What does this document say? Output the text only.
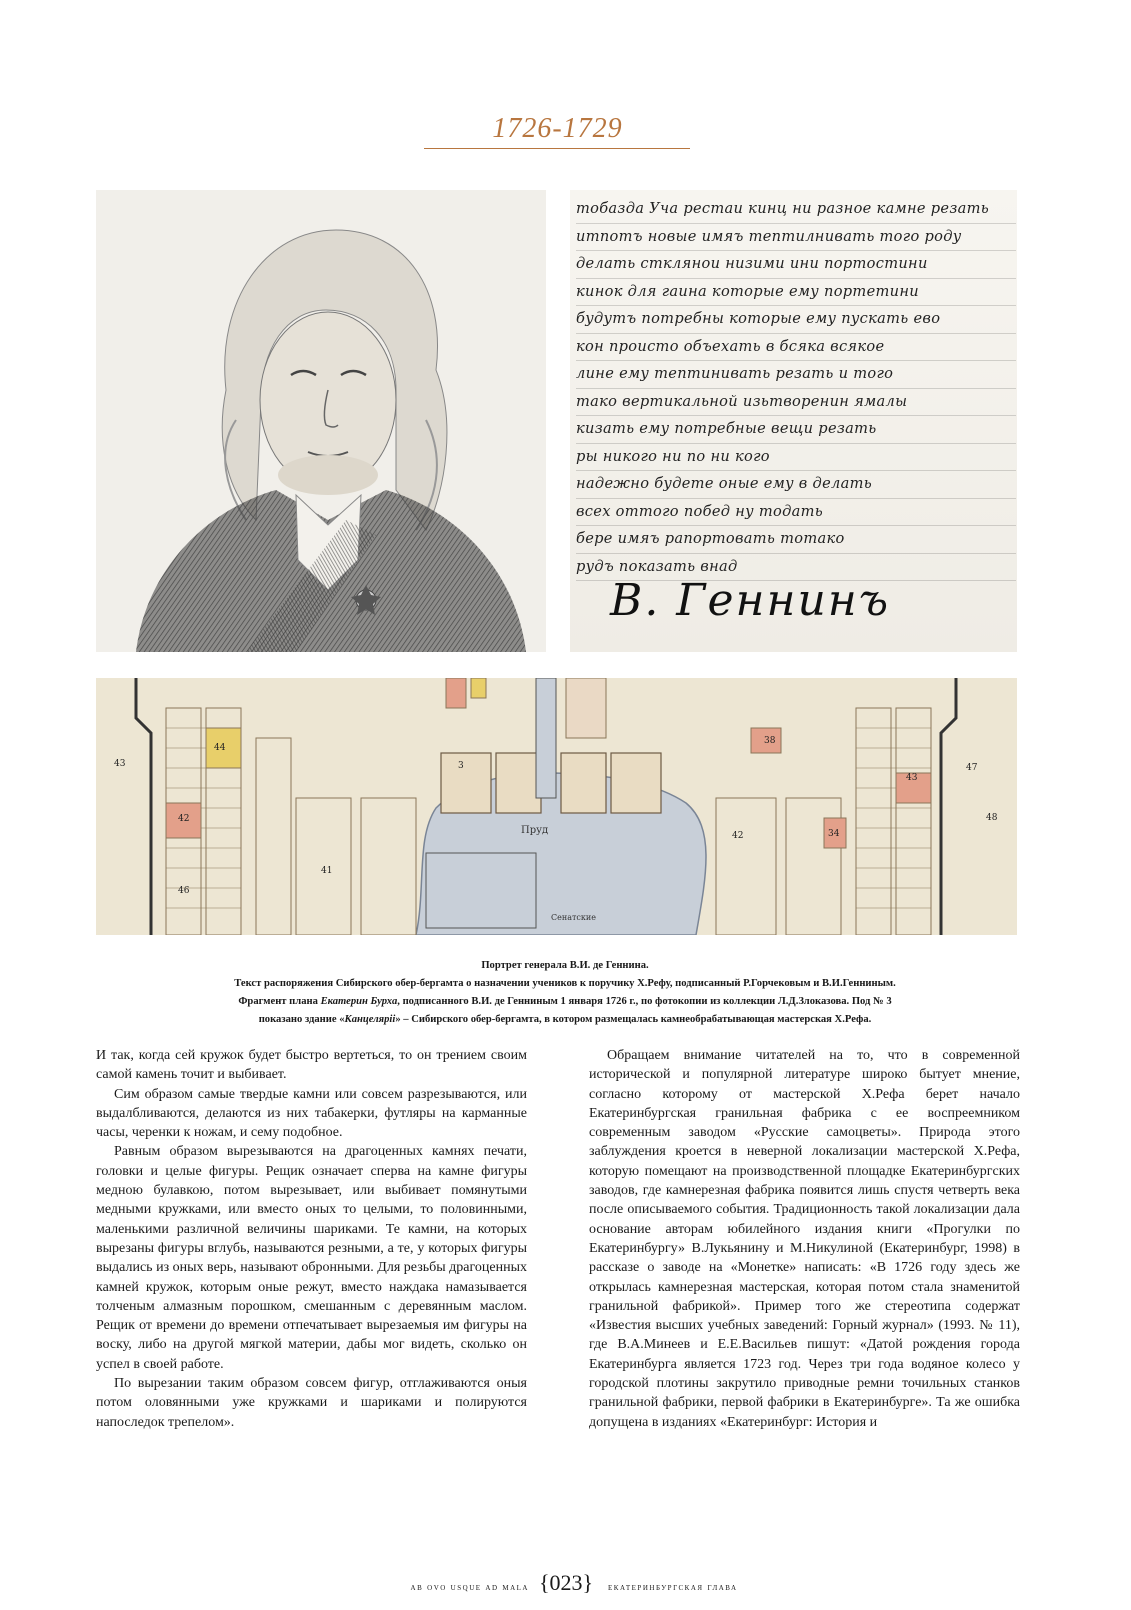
1726-1729
тобазда Уча рестаи кинц ни разное камнe резать
итпотъ новые имяъ тептилнивать того роду
делать стклянои низими ини портостини
кинок для гаина которые ему портетини
будутъ потребны которые ему пускать ево
кон происто объехать в бсяка всякое
лине ему тептинивать резать и того
тако вертикальной изьтворенин ямалы
кизать ему потребные вещи резать
ры никого ни по ни кого
надежно будете оные ему в делать
всех оттого побед ну тодать
бере имяъ рапортовать тотако
рудъ показать внад
В. Геннинъ
Пруд
Сенатские
43
44
42
41
46
3
38
42
47
48
43
34
Портрет генерала В.И. де Геннина.
Текст распоряжения Сибирского обер-бергамта о назначении учеников к поручику Х.Рефу, подписанный Р.Горчековым и В.И.Генниным.
Фрагмент плана Екатерин Бурха, подписанного В.И. де Генниным 1 января 1726 г., по фотокопии из коллекции Л.Д.Злоказова. Под № 3
показано здание «Канцелярii» – Сибирского обер-бергамта, в котором размещалась камнеобрабатывающая мастерская Х.Рефа.

И так, когда сей кружок будет быстро вертеться, то он трением своим самой камень точит и выбивает.

Сим образом самые твердые камни или совсем разрезываются, или выдалбливаются, делаются из них табакерки, футляры на карманные часы, черенки к ножам, и сему подобное.

Равным образом вырезываются на драгоценных камнях печати, головки и целые фигуры. Рещик означает сперва на камне фигуры медною булавкою, потом вырезывает, или выбивает помянутыми медными кружками, или вместо оных то целыми, то половинными, маленькими различной величины шариками. Те камни, на которых вырезаны фигуры вглубь, называются резными, а те, у которых фигуры выдались из оных верь, называют обронными. Для резьбы драгоценных камней кружок, которым оные режут, вместо наждака намазывается толченым алмазным порошком, смешанным с деревянным маслом. Рещик от времени до времени отпечатывает вырезаемыя им фигуры на воску, либо на другой мягкой материи, дабы мог видеть, сколько он успел в своей работе.

По вырезании таким образом совсем фигур, отглаживаются оныя потом оловянными уже кружками и шариками и полируются напоследок трепелом».

Обращаем внимание читателей на то, что в современной исторической и популярной литературе широко бытует мнение, согласно которому от мастерской Х.Рефа берет начало Екатеринбургская гранильная фабрика с ее воспреемником современным заводом «Русские самоцветы». Природа этого заблуждения кроется в неверной локализации мастерской Х.Рефа, которую помещают на производственной площадке Екатеринбургских заводов, где камнерезная фабрика появится лишь спустя четверть века после описываемого события. Традиционность такой локализации дала основание авторам юбилейного издания книги «Прогулки по Екатеринбургу» В.Лукьянину и М.Никулиной (Екатеринбург, 1998) в рассказе о заводе на «Монетке» написать: «В 1726 году здесь же открылась камнерезная мастерская, которая потом стала знаменитой гранильной фабрикой». Пример того же стереотипа содержат «Известия высших учебных заведений: Горный журнал» (1993. № 11), где В.А.Минеев и Е.Е.Васильев пишут: «Датой рождения города Екатеринбурга является 1723 год. Через три года водяное колесо у городской плотины закрутило приводные ремни точильных станков гранильной фабрики, первой фабрики в Екатеринбурге». Та же ошибка допущена в изданиях «Екатеринбург: История и

ab ovo usque ad mala {023}	екатеринбургская глава
